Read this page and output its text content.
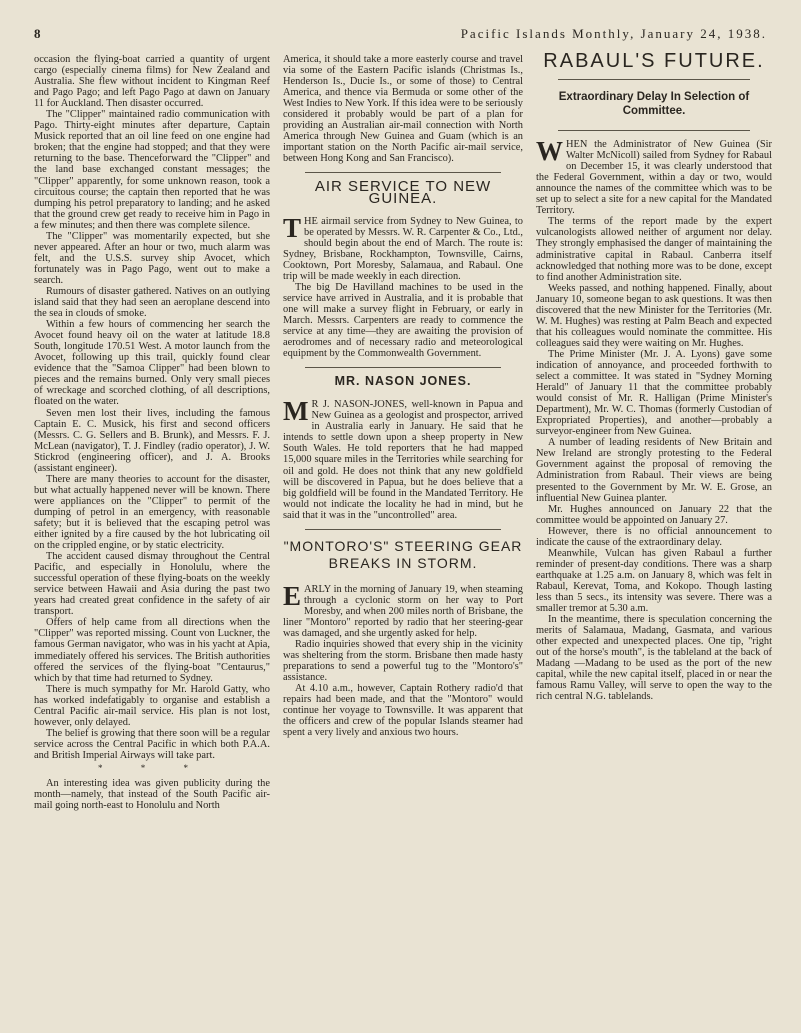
8	Pacific Islands Monthly, January 24, 1938.

occasion the flying-boat carried a quantity of urgent cargo (especially cinema films) for New Zealand and Australia. She flew without incident to Kingman Reef and Pago Pago; and left Pago Pago at dawn on January 11 for Auckland. Then disaster occurred.

The "Clipper" maintained radio communication with Pago. Thirty-eight minutes after departure, Captain Musick reported that an oil line feed on one engine had broken; that the engine had stopped; and that they were returning to the base. Thenceforward the "Clipper" and the land base exchanged constant messages; the "Clipper" apparently, for some unknown reason, took a circuitous course; the captain then reported that he was dumping his petrol preparatory to landing; and he asked that the ground crew get ready to receive him in Pago in a few minutes; and then there was complete silence.

The "Clipper" was momentarily expected, but she never appeared. After an hour or two, much alarm was felt, and the U.S.S. survey ship Avocet, which fortunately was in Pago Pago, went out to make a search.

Rumours of disaster gathered. Natives on an outlying island said that they had seen an aeroplane descend into the sea in clouds of smoke.

Within a few hours of commencing her search the Avocet found heavy oil on the water at latitude 18.8 South, longitude 170.51 West. A motor launch from the Avocet, following up this trail, quickly found clear evidence that the "Samoa Clipper" had been blown to pieces and the remains burned. Only very small pieces of wreckage and scorched clothing, of all descriptions, floated on the water.

Seven men lost their lives, including the famous Captain E. C. Musick, his first and second officers (Messrs. C. G. Sellers and B. Brunk), and Messrs. F. J. McLean (navigator), T. J. Findley (radio operator), J. W. Stickrod (engineering officer), and J. A. Brooks (assistant engineer).

There are many theories to account for the disaster, but what actually happened never will be known. There were appliances on the "Clipper" to permit of the dumping of petrol in an emergency, with reasonable safety; but it is believed that the escaping petrol was either ignited by a fire caused by the hot lubricating oil on the crippled engine, or by static electricity.

The accident caused dismay throughout the Central Pacific, and especially in Honolulu, where the successful operation of these flying-boats on the weekly service between Hawaii and Asia during the past two years had created great confidence in the safety of air transport.

Offers of help came from all directions when the "Clipper" was reported missing. Count von Luckner, the famous German navigator, who was in his yacht at Apia, immediately offered his services. The British authorities offered the services of the flying-boat "Centaurus," which by that time had returned to Sydney.

There is much sympathy for Mr. Harold Gatty, who has worked indefatigably to organise and establish a Central Pacific air-mail service. His plan is not lost, however, only delayed.

The belief is growing that there soon will be a regular service across the Central Pacific in which both P.A.A. and British Imperial Airways will take part.

* * *

An interesting idea was given publicity during the month—namely, that instead of the South Pacific air-mail going north-east to Honolulu and North

America, it should take a more easterly course and travel via some of the Eastern Pacific islands (Christmas Is., Henderson Is., Ducie Is., or some of those) to Central America, and thence via Bermuda or some other of the West Indies to New York. If this idea were to be seriously considered it probably would be part of a plan for providing an Australian air-mail connection with North America through New Guinea and Guam (which is an important station on the North Pacific air-mail service, between Hong Kong and San Francisco).

AIR SERVICE TO NEW GUINEA.

THE airmail service from Sydney to New Guinea, to be operated by Messrs. W. R. Carpenter & Co., Ltd., should begin about the end of March. The route is: Sydney, Brisbane, Rockhampton, Townsville, Cairns, Cooktown, Port Moresby, Salamaua, and Rabaul. One trip will be made weekly in each direction.

The big De Havilland machines to be used in the service have arrived in Australia, and it is probable that one will make a survey flight in February, or early in March. Messrs. Carpenters are ready to commence the service at any time—they are awaiting the provision of aerodromes and of necessary radio and meteorological equipment by the Commonwealth Government.

MR. NASON JONES.

M R J. NASON-JONES, well-known in Papua and New Guinea as a geologist and prospector, arrived in Australia early in January. He said that he intends to settle down upon a sheep property in New South Wales. He told reporters that he had mapped 15,000 square miles in the Territories while searching for oil and gold. He does not think that any new goldfield will be discovered in Papua, but he does believe that a big goldfield will be found in the Mandated Territory. He would not indicate the locality he had in mind, but he said that it was in the "uncontrolled" area.

"MONTORO'S" STEERING GEAR BREAKS IN STORM.

EARLY in the morning of January 19, when steaming through a cyclonic storm on her way to Port Moresby, and when 200 miles north of Brisbane, the liner "Montoro" reported by radio that her steering-gear was damaged, and she urgently asked for help.

Radio inquiries showed that every ship in the vicinity was sheltering from the storm. Brisbane then made hasty preparations to send a powerful tug to the "Montoro's" assistance.

At 4.10 a.m., however, Captain Rothery radio'd that repairs had been made, and that the "Montoro" would continue her voyage to Townsville. It was apparent that the officers and crew of the popular Islands steamer had spent a very lively and anxious two hours.

RABAUL'S FUTURE.
Extraordinary Delay In Selection of Committee.

WHEN the Administrator of New Guinea (Sir Walter McNicoll) sailed from Sydney for Rabaul on December 15, it was clearly understood that the Federal Government, within a day or two, would announce the names of the committee which was to be set up to select a site for a new capital for the Mandated Territory.

The terms of the report made by the expert vulcanologists allowed neither of argument nor delay. They strongly emphasised the danger of maintaining the administrative capital in Rabaul. Canberra itself acknowledged that nothing more was to be done, except to find another Administration site.

Weeks passed, and nothing happened. Finally, about January 10, someone began to ask questions. It was then discovered that the new Minister for the Territories (Mr. W. M. Hughes) was resting at Palm Beach and expected that his colleagues would nominate the committee. His colleagues said they were waiting on Mr. Hughes.

The Prime Minister (Mr. J. A. Lyons) gave some indication of annoyance, and proceeded forthwith to select a committee. It was stated in "Sydney Morning Herald" of January 11 that the committee probably would consist of Mr. R. Halligan (Prime Minister's Department), Mr. W. C. Thomas (formerly Custodian of Expropriated Properties), and another—probably a surveyor-engineer from New Guinea.

A number of leading residents of New Britain and New Ireland are strongly protesting to the Federal Government against the proposal of removing the Administration from Rabaul. Their views are being presented to the Government by Mr. W. E. Grose, an influential New Guinea planter.

Mr. Hughes announced on January 22 that the committee would be appointed on January 27.

However, there is no official announcement to indicate the cause of the extraordinary delay.

Meanwhile, Vulcan has given Rabaul a further reminder of present-day conditions. There was a sharp earthquake at 1.25 a.m. on January 8, which was felt in Rabaul, Kerevat, Toma, and Kokopo. Though lasting less than 5 secs., its intensity was severe. There was a smaller tremor at 5.30 a.m.

In the meantime, there is speculation concerning the merits of Salamaua, Madang, Gasmata, and various other expected and unexpected places. One tip, "right out of the horse's mouth", is the tableland at the back of Madang —Madang to be used as the port of the new capital, while the new capital itself, placed in or near the famous Ramu Valley, will serve to open the way to the rich central N.G. tablelands.
